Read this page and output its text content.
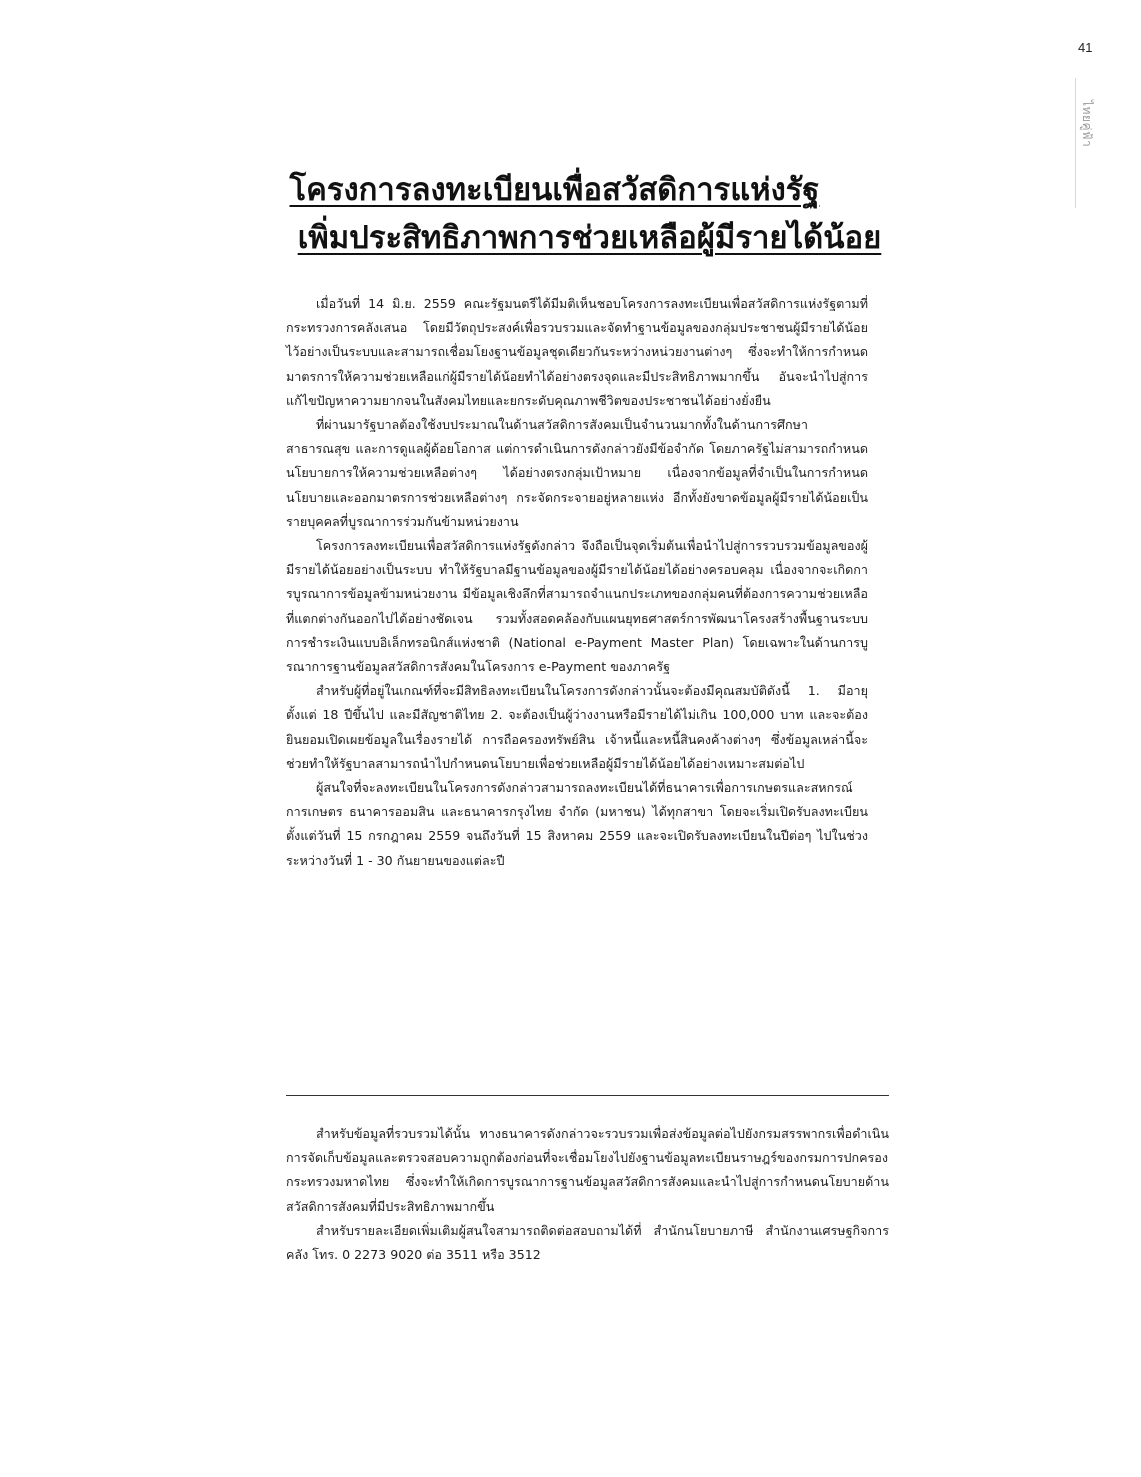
41
ไทยคู่ฟ้า
โครงการลงทะเบียนเพื่อสวัสดิการแห่งรัฐ
เพิ่มประสิทธิภาพการช่วยเหลือผู้มีรายได้น้อย

เมื่อวันที่ 14 มิ.ย. 2559 คณะรัฐมนตรีได้มีมติเห็นชอบโครงการลงทะเบียนเพื่อสวัสดิการแห่งรัฐตามที่กระทรวงการคลังเสนอ โดยมีวัตถุประสงค์เพื่อรวบรวมและจัดทำฐานข้อมูลของกลุ่มประชาชนผู้มีรายได้น้อยไว้อย่างเป็นระบบและสามารถเชื่อมโยงฐานข้อมูลชุดเดียวกันระหว่างหน่วยงานต่างๆ ซึ่งจะทำให้การกำหนดมาตรการให้ความช่วยเหลือแก่ผู้มีรายได้น้อยทำได้อย่างตรงจุดและมีประสิทธิภาพมากขึ้น อันจะนำไปสู่การแก้ไขปัญหาความยากจนในสังคมไทยและยกระดับคุณภาพชีวิตของประชาชนได้อย่างยั่งยืน

ที่ผ่านมารัฐบาลต้องใช้งบประมาณในด้านสวัสดิการสังคมเป็นจำนวนมากทั้งในด้านการศึกษา สาธารณสุข และการดูแลผู้ด้อยโอกาส แต่การดำเนินการดังกล่าวยังมีข้อจำกัด โดยภาครัฐไม่สามารถกำหนดนโยบายการให้ความช่วยเหลือต่างๆ ได้อย่างตรงกลุ่มเป้าหมาย เนื่องจากข้อมูลที่จำเป็นในการกำหนดนโยบายและออกมาตรการช่วยเหลือต่างๆ กระจัดกระจายอยู่หลายแห่ง อีกทั้งยังขาดข้อมูลผู้มีรายได้น้อยเป็นรายบุคคลที่บูรณาการร่วมกันข้ามหน่วยงาน

โครงการลงทะเบียนเพื่อสวัสดิการแห่งรัฐดังกล่าว จึงถือเป็นจุดเริ่มต้นเพื่อนำไปสู่การรวบรวมข้อมูลของผู้มีรายได้น้อยอย่างเป็นระบบ ทำให้รัฐบาลมีฐานข้อมูลของผู้มีรายได้น้อยได้อย่างครอบคลุม เนื่องจากจะเกิดการบูรณาการข้อมูลข้ามหน่วยงาน มีข้อมูลเชิงลึกที่สามารถจำแนกประเภทของกลุ่มคนที่ต้องการความช่วยเหลือที่แตกต่างกันออกไปได้อย่างชัดเจน รวมทั้งสอดคล้องกับแผนยุทธศาสตร์การพัฒนาโครงสร้างพื้นฐานระบบการชำระเงินแบบอิเล็กทรอนิกส์แห่งชาติ (National e-Payment Master Plan) โดยเฉพาะในด้านการบูรณาการฐานข้อมูลสวัสดิการสังคมในโครงการ e-Payment ของภาครัฐ

สำหรับผู้ที่อยู่ในเกณฑ์ที่จะมีสิทธิลงทะเบียนในโครงการดังกล่าวนั้นจะต้องมีคุณสมบัติดังนี้ 1. มีอายุตั้งแต่ 18 ปีขึ้นไป และมีสัญชาติไทย 2. จะต้องเป็นผู้ว่างงานหรือมีรายได้ไม่เกิน 100,000 บาท และจะต้องยินยอมเปิดเผยข้อมูลในเรื่องรายได้ การถือครองทรัพย์สิน เจ้าหนี้และหนี้สินคงค้างต่างๆ ซึ่งข้อมูลเหล่านี้จะช่วยทำให้รัฐบาลสามารถนำไปกำหนดนโยบายเพื่อช่วยเหลือผู้มีรายได้น้อยได้อย่างเหมาะสมต่อไป

ผู้สนใจที่จะลงทะเบียนในโครงการดังกล่าวสามารถลงทะเบียนได้ที่ธนาคารเพื่อการเกษตรและสหกรณ์การเกษตร ธนาคารออมสิน และธนาคารกรุงไทย จำกัด (มหาชน) ได้ทุกสาขา โดยจะเริ่มเปิดรับลงทะเบียนตั้งแต่วันที่ 15 กรกฎาคม 2559 จนถึงวันที่ 15 สิงหาคม 2559 และจะเปิดรับลงทะเบียนในปีต่อๆ ไปในช่วงระหว่างวันที่ 1 - 30 กันยายนของแต่ละปี

สำหรับข้อมูลที่รวบรวมได้นั้น ทางธนาคารดังกล่าวจะรวบรวมเพื่อส่งข้อมูลต่อไปยังกรมสรรพากรเพื่อดำเนินการจัดเก็บข้อมูลและตรวจสอบความถูกต้องก่อนที่จะเชื่อมโยงไปยังฐานข้อมูลทะเบียนราษฎร์ของกรมการปกครอง กระทรวงมหาดไทย ซึ่งจะทำให้เกิดการบูรณาการฐานข้อมูลสวัสดิการสังคมและนำไปสู่การกำหนดนโยบายด้านสวัสดิการสังคมที่มีประสิทธิภาพมากขึ้น

สำหรับรายละเอียดเพิ่มเติมผู้สนใจสามารถติดต่อสอบถามได้ที่ สำนักนโยบายภาษี สำนักงานเศรษฐกิจการคลัง โทร. 0 2273 9020 ต่อ 3511 หรือ 3512
